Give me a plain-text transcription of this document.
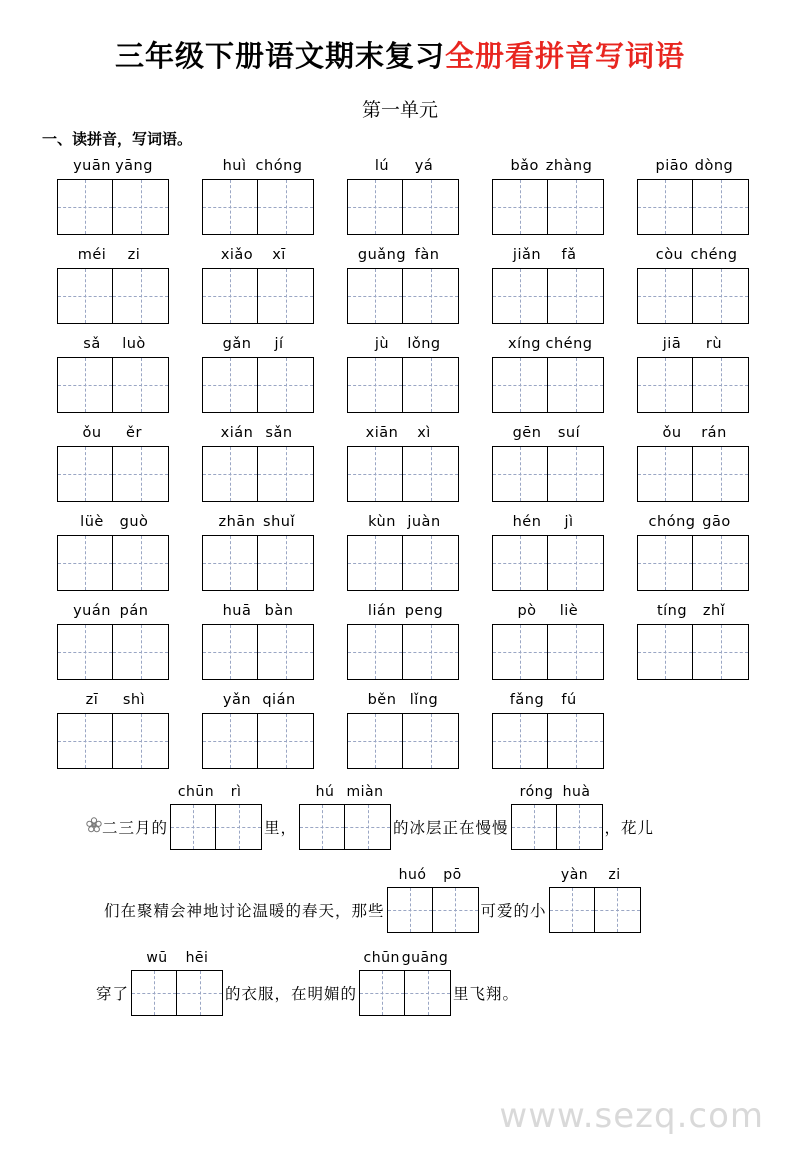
三年级下册语文期末复习全册看拼音写词语
第一单元
一、读拼音，写词语。
yuān yāng	huì chóng	lú yá	bǎo zhàng	piāo dòng
méi zi	xiǎo xī	guǎng fàn	jiǎn fǎ	còu chéng
sǎ luò	gǎn jí	jù lǒng	xíng chéng	jiā rù
ǒu ěr	xián sǎn	xiān xì	gēn suí	ǒu rán
lüè guò	zhān shuǐ	kùn juàn	hén jì	chóng gāo
yuán pán	huā bàn	lián peng	pò liè	tíng zhǐ
zī shì	yǎn qián	běn lǐng	fǎng fú
二三月的
chūn rì
里，
hú miàn
的冰层正在慢慢
róng huà
，花儿
们在聚精会神地讨论温暖的春天，那些
huó pō
可爱的小
yàn zi
穿了
wū hēi
的衣服，在明媚的
chūn guāng
里飞翔。
www.sezq.com
